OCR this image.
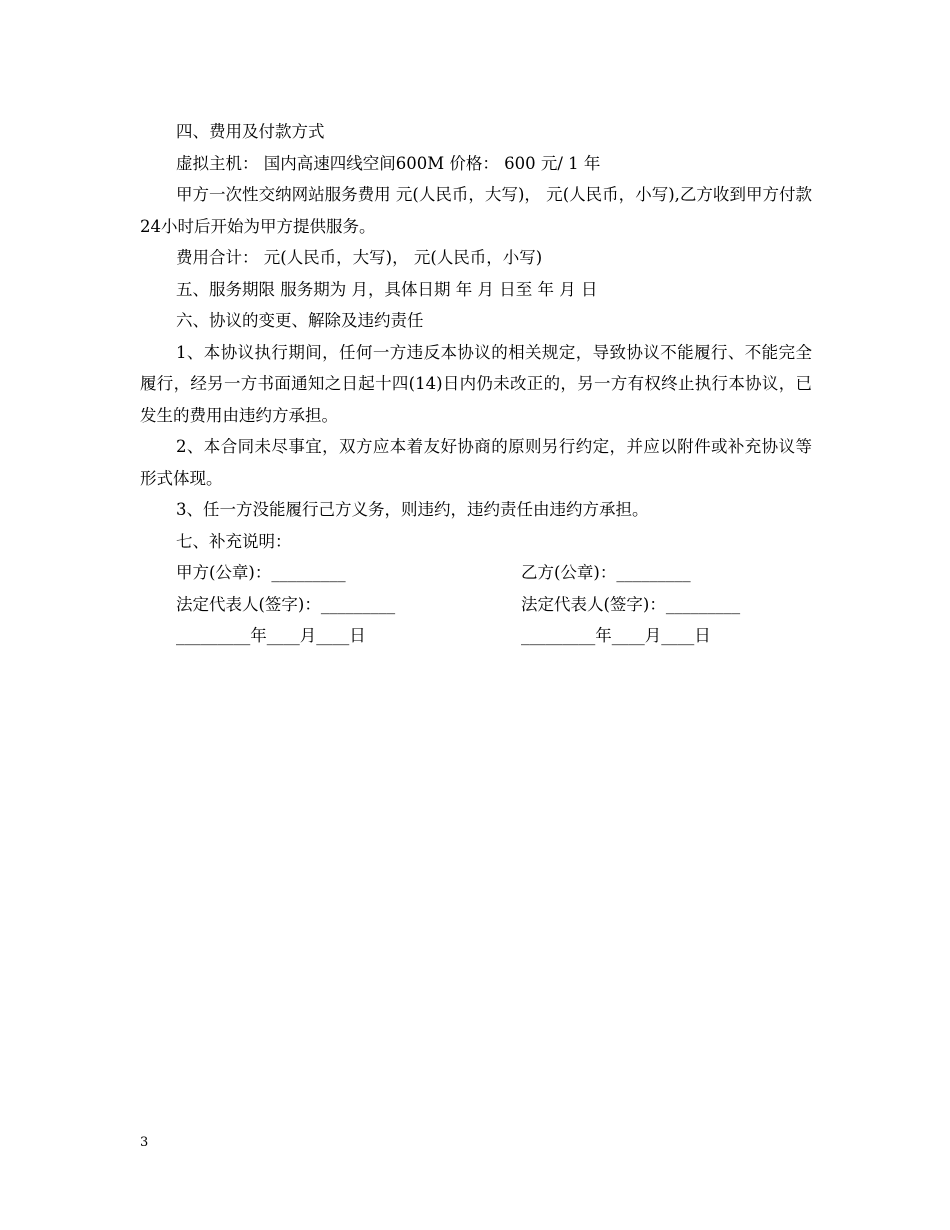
四、费用及付款方式

虚拟主机： 国内高速四线空间600M 价格： 600 元/ 1 年

甲方一次性交纳网站服务费用 元(人民币，大写)， 元(人民币，小写),乙方收到甲方付款24小时后开始为甲方提供服务。

费用合计： 元(人民币，大写)， 元(人民币，小写)

五、服务期限 服务期为 月，具体日期 年 月 日至 年 月 日

六、协议的变更、解除及违约责任

1、本协议执行期间，任何一方违反本协议的相关规定，导致协议不能履行、不能完全履行，经另一方书面通知之日起十四(14)日内仍未改正的，另一方有权终止执行本协议，已发生的费用由违约方承担。

2、本合同未尽事宜，双方应本着友好协商的原则另行约定，并应以附件或补充协议等形式体现。

3、任一方没能履行己方义务，则违约，违约责任由违约方承担。

七、补充说明：

甲方(公章)：_________	乙方(公章)：_________
法定代表人(签字)：_________	法定代表人(签字)：_________
_________年____月____日	_________年____月____日
3
